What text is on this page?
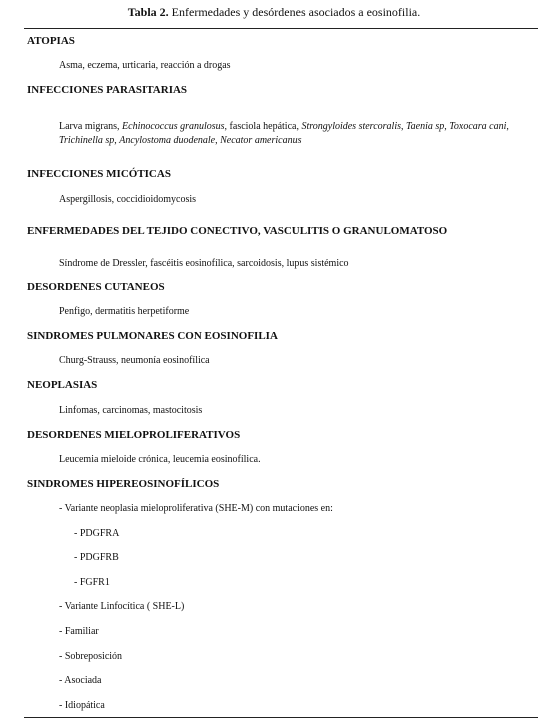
Tabla 2. Enfermedades y desórdenes asociados a eosinofilia.
ATOPIAS
Asma, eczema, urticaria, reacción a drogas
INFECCIONES PARASITARIAS
Larva migrans, Echinococcus granulosus, fasciola hepática, Strongyloides stercoralis, Taenia sp, Toxocara cani, Trichinella sp, Ancylostoma duodenale, Necator americanus
INFECCIONES MICÓTICAS
Aspergillosis, coccidioidomycosis
ENFERMEDADES DEL TEJIDO CONECTIVO, VASCULITIS O GRANULOMATOSO
Síndrome de Dressler, fascéitis eosinofílica, sarcoidosis, lupus sistémico
DESORDENES CUTANEOS
Penfigo, dermatitis herpetiforme
SINDROMES PULMONARES CON EOSINOFILIA
Churg-Strauss, neumonía eosinofílica
NEOPLASIAS
Linfomas, carcinomas, mastocitosis
DESORDENES MIELOPROLIFERATIVOS
Leucemia mieloide crónica, leucemia eosinofílica.
SINDROMES HIPEREOSINOFÍLICOS
- Variante neoplasia mieloproliferativa (SHE-M) con mutaciones en:
- PDGFRA
- PDGFRB
- FGFR1
- Variante Linfocítica ( SHE-L)
- Familiar
- Sobreposición
- Asociada
- Idiopática
